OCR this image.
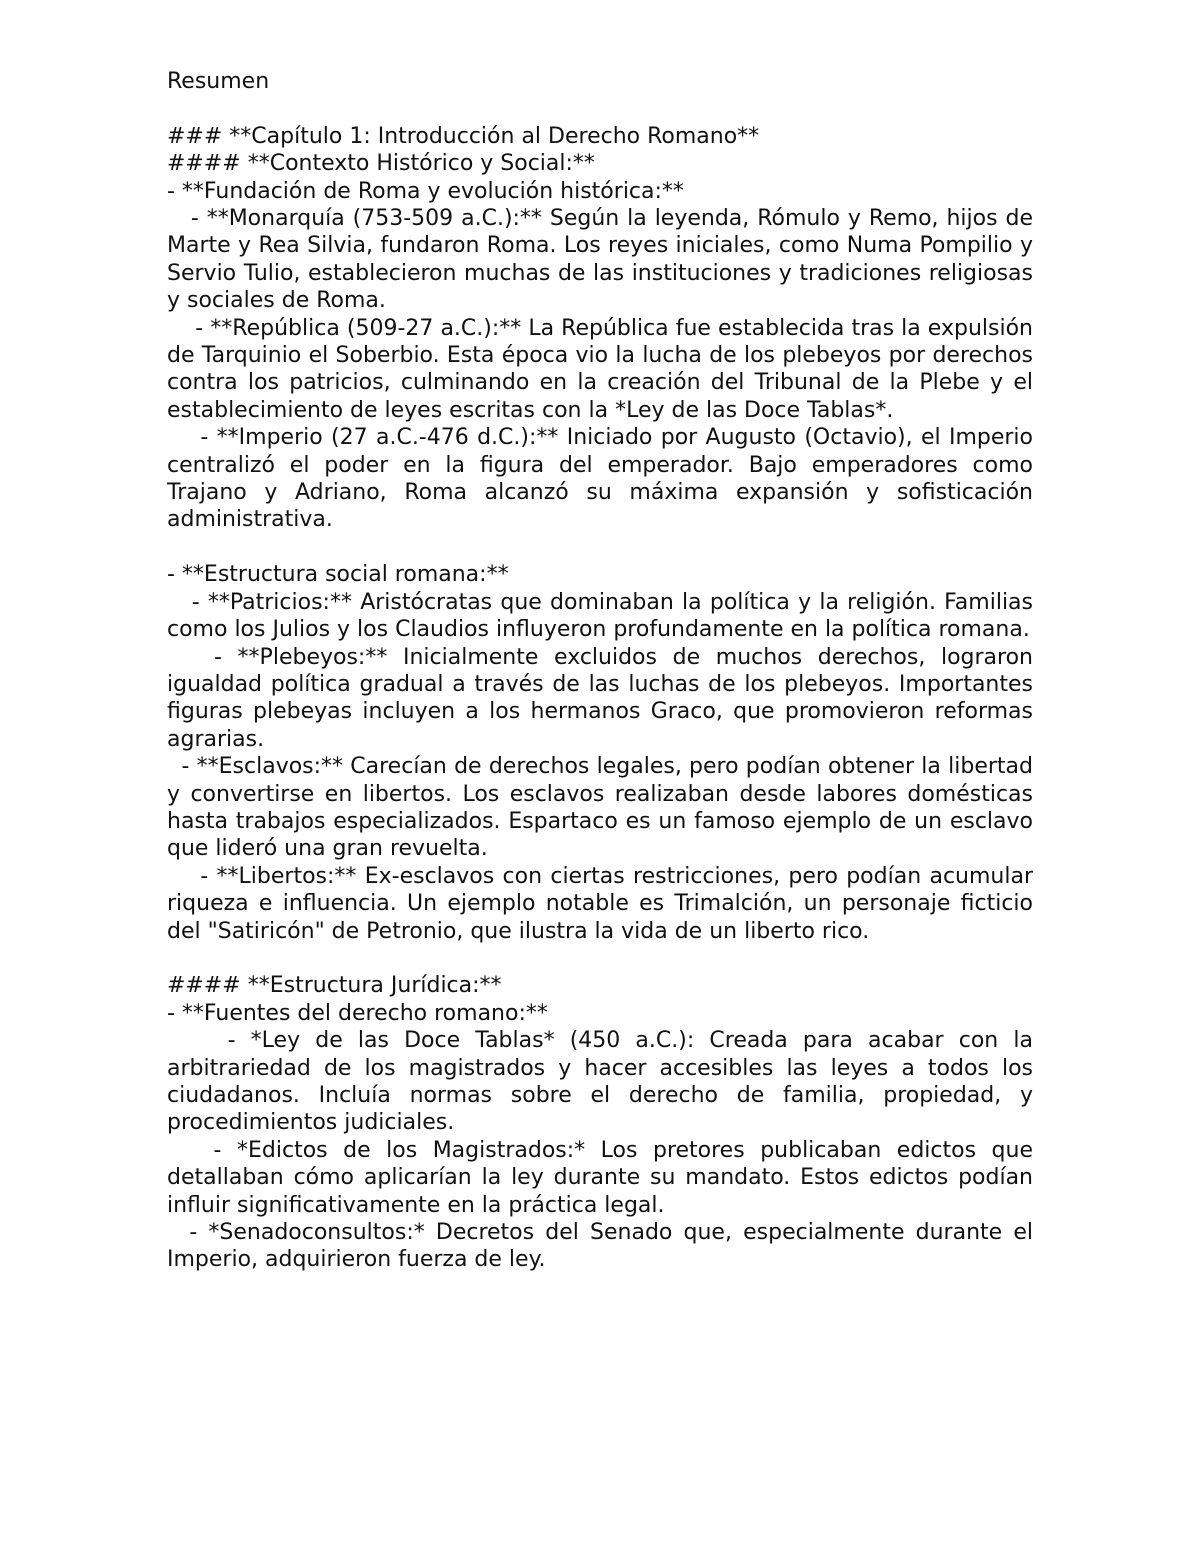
Resumen
### **Capítulo 1: Introducción al Derecho Romano**
#### **Contexto Histórico y Social:**
- **Fundación de Roma y evolución histórica:**
- **Monarquía (753-509 a.C.):** Según la leyenda, Rómulo y Remo, hijos de Marte y Rea Silvia, fundaron Roma. Los reyes iniciales, como Numa Pompilio y Servio Tulio, establecieron muchas de las instituciones y tradiciones religiosas y sociales de Roma.
- **República (509-27 a.C.):** La República fue establecida tras la expulsión de Tarquinio el Soberbio. Esta época vio la lucha de los plebeyos por derechos contra los patricios, culminando en la creación del Tribunal de la Plebe y el establecimiento de leyes escritas con la *Ley de las Doce Tablas*.
- **Imperio (27 a.C.-476 d.C.):** Iniciado por Augusto (Octavio), el Imperio centralizó el poder en la figura del emperador. Bajo emperadores como Trajano y Adriano, Roma alcanzó su máxima expansión y sofisticación administrativa.
- **Estructura social romana:**
- **Patricios:** Aristócratas que dominaban la política y la religión. Familias como los Julios y los Claudios influyeron profundamente en la política romana.
- **Plebeyos:** Inicialmente excluidos de muchos derechos, lograron igualdad política gradual a través de las luchas de los plebeyos. Importantes figuras plebeyas incluyen a los hermanos Graco, que promovieron reformas agrarias.
- **Esclavos:** Carecían de derechos legales, pero podían obtener la libertad y convertirse en libertos. Los esclavos realizaban desde labores domésticas hasta trabajos especializados. Espartaco es un famoso ejemplo de un esclavo que lideró una gran revuelta.
- **Libertos:** Ex-esclavos con ciertas restricciones, pero podían acumular riqueza e influencia. Un ejemplo notable es Trimalción, un personaje ficticio del "Satiricón" de Petronio, que ilustra la vida de un liberto rico.
#### **Estructura Jurídica:**
- **Fuentes del derecho romano:**
- *Ley de las Doce Tablas* (450 a.C.): Creada para acabar con la arbitrariedad de los magistrados y hacer accesibles las leyes a todos los ciudadanos. Incluía normas sobre el derecho de familia, propiedad, y procedimientos judiciales.
- *Edictos de los Magistrados:* Los pretores publicaban edictos que detallaban cómo aplicarían la ley durante su mandato. Estos edictos podían influir significativamente en la práctica legal.
- *Senadoconsultos:* Decretos del Senado que, especialmente durante el Imperio, adquirieron fuerza de ley.
